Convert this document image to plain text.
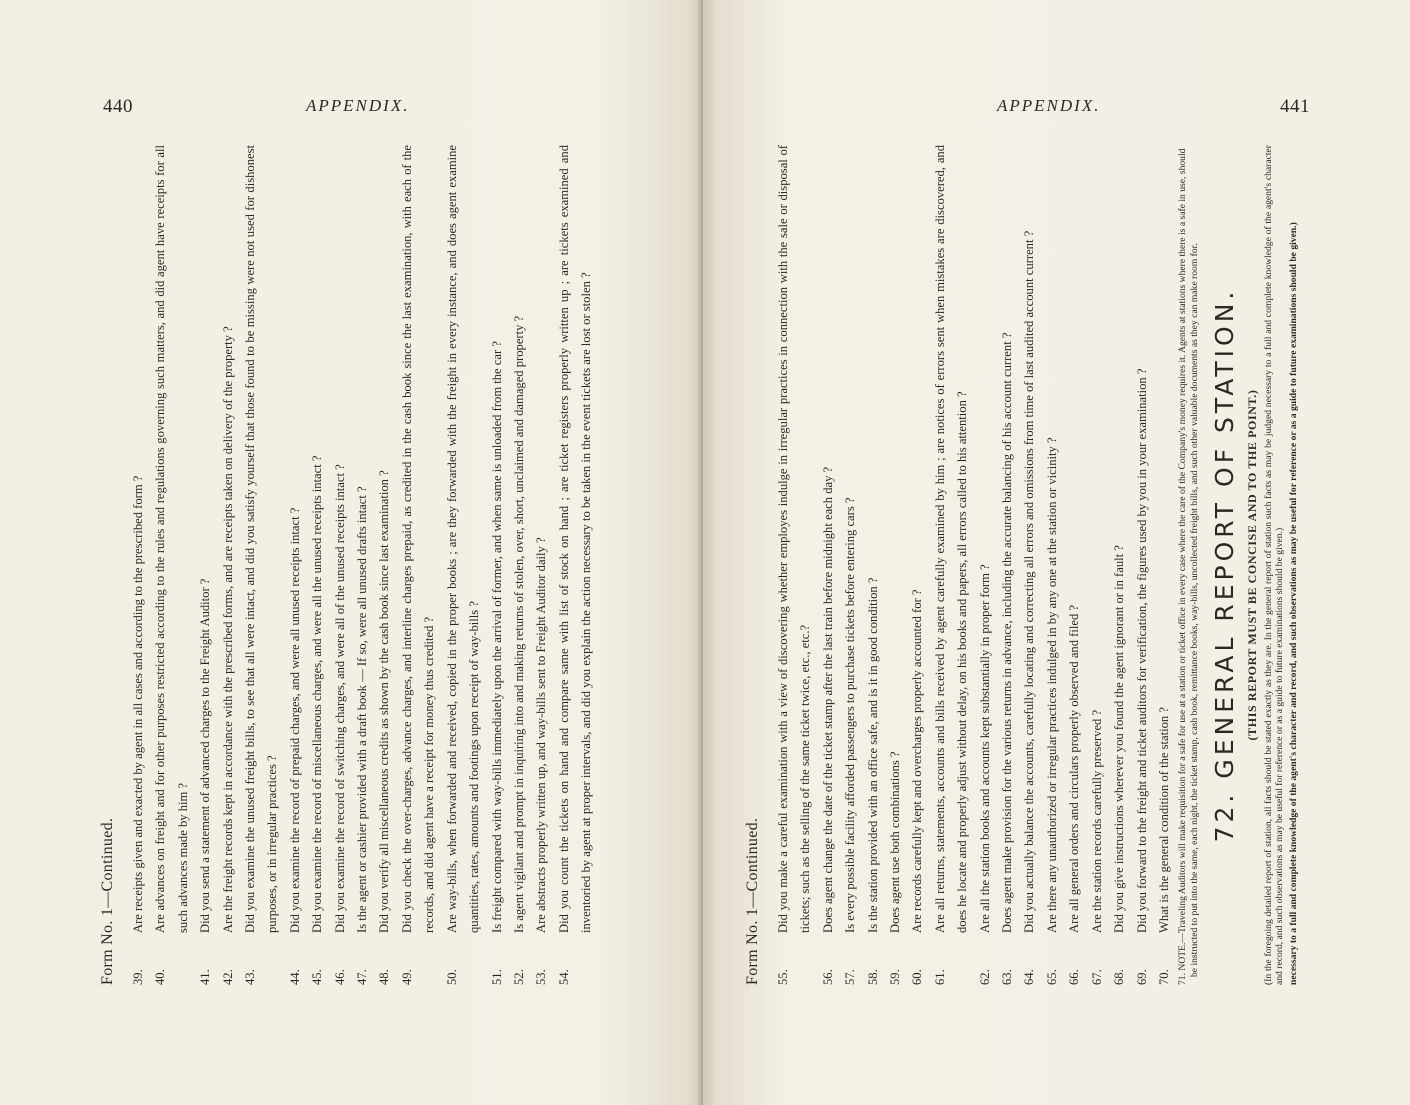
440	APPENDIX.
Form No. 1—Continued.	39.
Are receipts given and exacted by agent in all cases and according to the prescribed form ?
40.
Are advances on freight and for other purposes restricted according to the rules and regulations governing such matters, and did agent have receipts for all such advances made by him ?
41.
Did you send a statement of advanced charges to the Freight Auditor ?
42.
Are the freight records kept in accordance with the prescribed forms, and are receipts taken on delivery of the property ?
43.
Did you examine the unused freight bills, to see that all were intact, and did you satisfy yourself that those found to be missing were not used for dishonest purposes, or in irregular practices ?
44.
Did you examine the record of prepaid charges, and were all unused receipts intact ?
45.
Did you examine the record of miscellaneous charges, and were all the unused receipts intact ?
46.
Did you examine the record of switching charges, and were all of the unused receipts intact ?
47.
Is the agent or cashier provided with a draft book — If so, were all unused drafts intact ?
48.
Did you verify all miscellaneous credits as shown by the cash book since last examination ?
49.
Did you check the over-charges, advance charges, and interline charges prepaid, as credited in the cash book since the last examination, with each of the records, and did agent have a receipt for money thus credited ?
50.
Are way-bills, when forwarded and received, copied in the proper books ; are they forwarded with the freight in every instance, and does agent examine quantities, rates, amounts and footings upon receipt of way-bills ?
51.
Is freight compared with way-bills immediately upon the arrival of former, and when same is unloaded from the car ?
52.
Is agent vigilant and prompt in inquiring into and making returns of stolen, over, short, unclaimed and damaged property ?
53.
Are abstracts properly written up, and way-bills sent to Freight Auditor daily ?
54.
Did you count the tickets on hand and compare same with list of stock on hand ; are ticket registers properly written up ; are tickets examined and inventoried by agent at proper intervals, and did you explain the action necessary to be taken in the event tickets are lost or stolen ?
APPENDIX.	441
Form No. 1—Continued.	55.
Did you make a careful examination with a view of discovering whether employes indulge in irregular practices in connection with the sale or disposal of tickets; such as the selling of the same ticket twice, etc., etc.?
56.
Does agent change the date of the ticket stamp after the last train before midnight each day ?
57.
Is every possible facility afforded passengers to purchase tickets before entering cars ?
58.
Is the station provided with an office safe, and is it in good condition ?
59.
Does agent use both combinations ?
60.
Are records carefully kept and overcharges properly accounted for ?
61.
Are all returns, statements, accounts and bills received by agent carefully examined by him ; are notices of errors sent when mistakes are discovered, and does he locate and properly adjust without delay, on his books and papers, all errors called to his attention ?
62.
Are all the station books and accounts kept substantially in proper form ?
63.
Does agent make provision for the various returns in advance, including the accurate balancing of his account current ?
64.
Did you actually balance the accounts, carefully locating and correcting all errors and omissions from time of last audited account current ?
65.
Are there any unauthorized or irregular practices indulged in by any one at the station or vicinity ?
66.
Are all general orders and circulars properly observed and filed ?
67.
Are the station records carefully preserved ?
68.
Did you give instructions wherever you found the agent ignorant or in fault ?
69.
Did you forward to the freight and ticket auditors for verification, the figures used by you in your examination ?
70.
What is the general condition of the station ? 71. NOTE.—Traveling Auditors will make requisition for a safe for use at a station or ticket office in every case where the care of the Company's money requires it. Agents at stations where there is a safe in use, should be instructed to put into the same, each night, the ticket stamp, cash book, remittance books, way-bills, uncollected freight bills, and such other valuable documents as they can make room for. 72. GENERAL REPORT OF STATION. (THIS REPORT MUST BE CONCISE AND TO THE POINT.) (In the foregoing detailed report of station, all facts should be stated exactly as they are. In the general report of station such facts as may be judged necessary to a full and complete knowledge of the agent's character and record, and such observations as may be useful for reference or as a guide to future examinations should be given.) necessary to a full and complete knowledge of the agent's character and record, and such observations as may be useful for reference or as a guide to future examinations should be given.)
